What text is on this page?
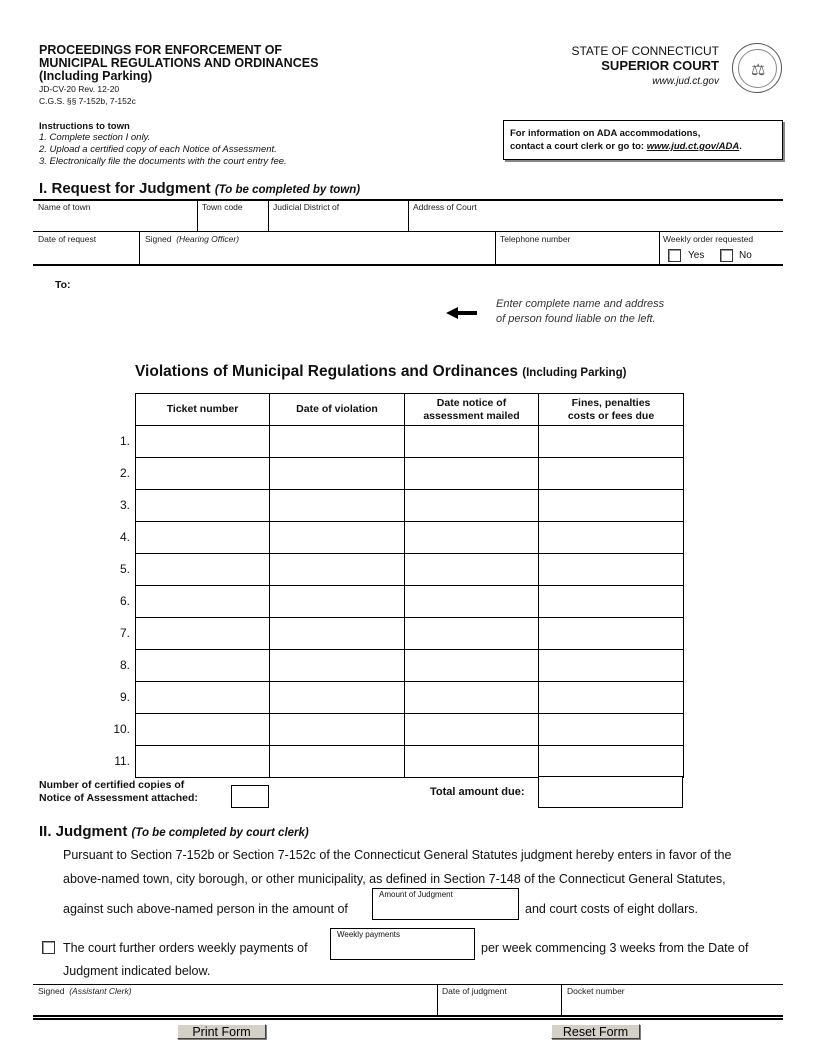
PROCEEDINGS FOR ENFORCEMENT OF
MUNICIPAL REGULATIONS AND ORDINANCES
(Including Parking)
JD-CV-20 Rev. 12-20
C.G.S. §§ 7-152b, 7-152c
STATE OF CONNECTICUT
SUPERIOR COURT
www.jud.ct.gov
⚖
Instructions to town
1. Complete section I only.
2. Upload a certified copy of each Notice of Assessment.
3. Electronically file the documents with the court entry fee.
For information on ADA accommodations,
contact a court clerk or go to: www.jud.ct.gov/ADA.
I. Request for Judgment (To be completed by town)
Name of town	Town code	Judicial District of	Address of Court
Date of request	Signed (Hearing Officer)	Telephone number	Weekly order requested
Yes	No
To:
Enter complete name and address
of person found liable on the left.
Violations of Municipal Regulations and Ordinances (Including Parking)
Ticket number	Date of violation
Date notice of
assessment mailed
Fines, penalties
costs or fees due
1.
2.
3.
4.
5.
6.
7.
8.
9.
10.
11.
Number of certified copies of
Notice of Assessment attached:	Total amount due:
II. Judgment (To be completed by court clerk)
Pursuant to Section 7-152b or Section 7-152c of the Connecticut General Statutes judgment hereby enters in favor of the
above-named town, city borough, or other municipality, as defined in Section 7-148 of the Connecticut General Statutes,
against such above-named person in the amount of
Amount of Judgment
and court costs of eight dollars.
The court further orders weekly payments of
Weekly payments
per week commencing 3 weeks from the Date of
Judgment indicated below.
Signed (Assistant Clerk)	Date of judgment	Docket number
Print Form	Reset Form
